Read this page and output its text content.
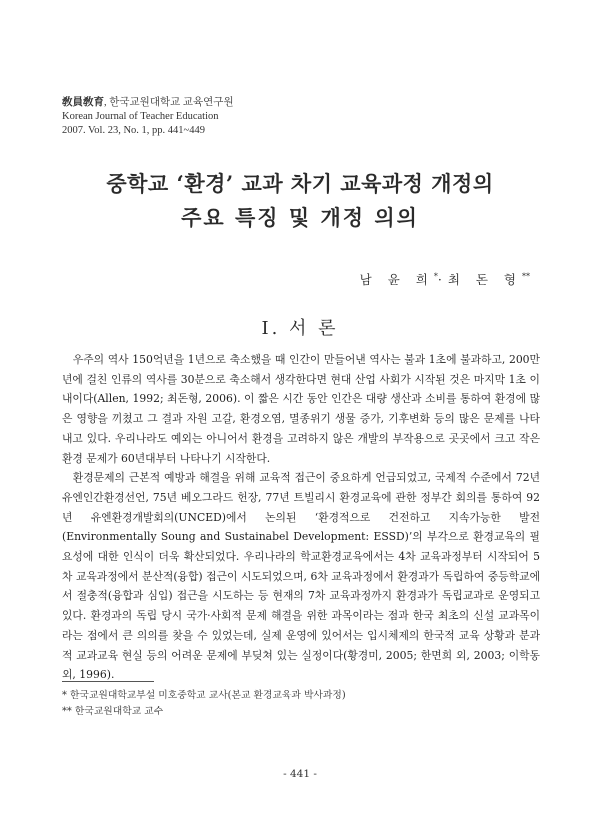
敎員敎育, 한국교원대학교 교육연구원
Korean Journal of Teacher Education
2007. Vol. 23, No. 1, pp. 441~449
중학교 ‘환경’ 교과 차기 교육과정 개정의
주요 특징 및 개정 의의
남 윤 희*·최 돈 형**
Ⅰ. 서 론

우주의 역사 150억년을 1년으로 축소했을 때 인간이 만들어낸 역사는 불과 1초에 불과하고, 200만년에 걸친 인류의 역사를 30분으로 축소해서 생각한다면 현대 산업 사회가 시작된 것은 마지막 1초 이내이다(Allen, 1992; 최돈형, 2006). 이 짧은 시간 동안 인간은 대량 생산과 소비를 통하여 환경에 많은 영향을 끼쳤고 그 결과 자원 고갈, 환경오염, 멸종위기 생물 증가, 기후변화 등의 많은 문제를 나타내고 있다. 우리나라도 예외는 아니어서 환경을 고려하지 않은 개발의 부작용으로 곳곳에서 크고 작은 환경 문제가 60년대부터 나타나기 시작한다.

환경문제의 근본적 예방과 해결을 위해 교육적 접근이 중요하게 언급되었고, 국제적 수준에서 72년 유엔인간환경선언, 75년 베오그라드 헌장, 77년 트빌리시 환경교육에 관한 정부간 회의를 통하여 92년 유엔환경개발회의(UNCED)에서 논의된 ‘환경적으로 건전하고 지속가능한 발전(Environmentally Soung and Sustainabel Development: ESSD)’의 부각으로 환경교육의 필요성에 대한 인식이 더욱 확산되었다. 우리나라의 학교환경교육에서는 4차 교육과정부터 시작되어 5차 교육과정에서 분산적(융합) 접근이 시도되었으며, 6차 교육과정에서 환경과가 독립하여 중등학교에서 절충적(융합과 심입) 접근을 시도하는 등 현재의 7차 교육과정까지 환경과가 독립교과로 운영되고 있다. 환경과의 독립 당시 국가·사회적 문제 해결을 위한 과목이라는 점과 한국 최초의 신설 교과목이라는 점에서 큰 의의를 찾을 수 있었는데, 실제 운영에 있어서는 입시체제의 한국적 교육 상황과 분과적 교과교육 현실 등의 어려운 문제에 부딪쳐 있는 실정이다(황경미, 2005; 한면희 외, 2003; 이학동 외, 1996).

* 한국교원대학교부설 미호중학교 교사(본교 환경교육과 박사과정)
** 한국교원대학교 교수
- 441 -
